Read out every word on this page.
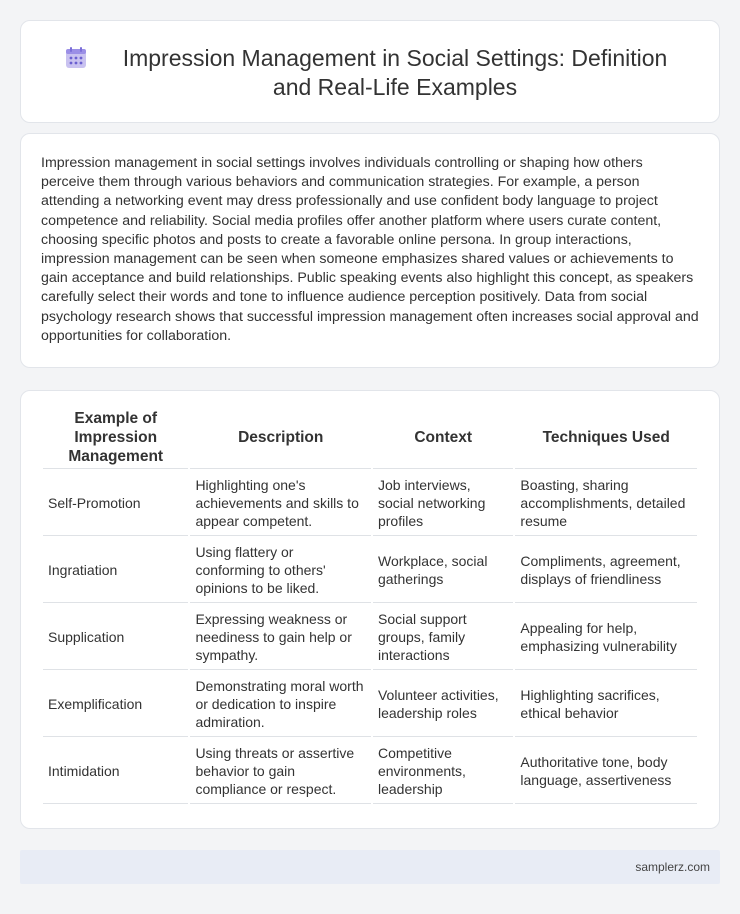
Impression Management in Social Settings: Definition and Real-Life Examples

Impression management in social settings involves individuals controlling or shaping how others perceive them through various behaviors and communication strategies. For example, a person attending a networking event may dress professionally and use confident body language to project competence and reliability. Social media profiles offer another platform where users curate content, choosing specific photos and posts to create a favorable online persona. In group interactions, impression management can be seen when someone emphasizes shared values or achievements to gain acceptance and build relationships. Public speaking events also highlight this concept, as speakers carefully select their words and tone to influence audience perception positively. Data from social psychology research shows that successful impression management often increases social approval and opportunities for collaboration.

Example of Impression Management	Description	Context	Techniques Used
Self-Promotion	Highlighting one's achievements and skills to appear competent.	Job interviews, social networking profiles	Boasting, sharing accomplishments, detailed resume
Ingratiation	Using flattery or conforming to others' opinions to be liked.	Workplace, social gatherings	Compliments, agreement, displays of friendliness
Supplication	Expressing weakness or neediness to gain help or sympathy.	Social support groups, family interactions	Appealing for help, emphasizing vulnerability
Exemplification	Demonstrating moral worth or dedication to inspire admiration.	Volunteer activities, leadership roles	Highlighting sacrifices, ethical behavior
Intimidation	Using threats or assertive behavior to gain compliance or respect.	Competitive environments, leadership	Authoritative tone, body language, assertiveness
samplerz.com
